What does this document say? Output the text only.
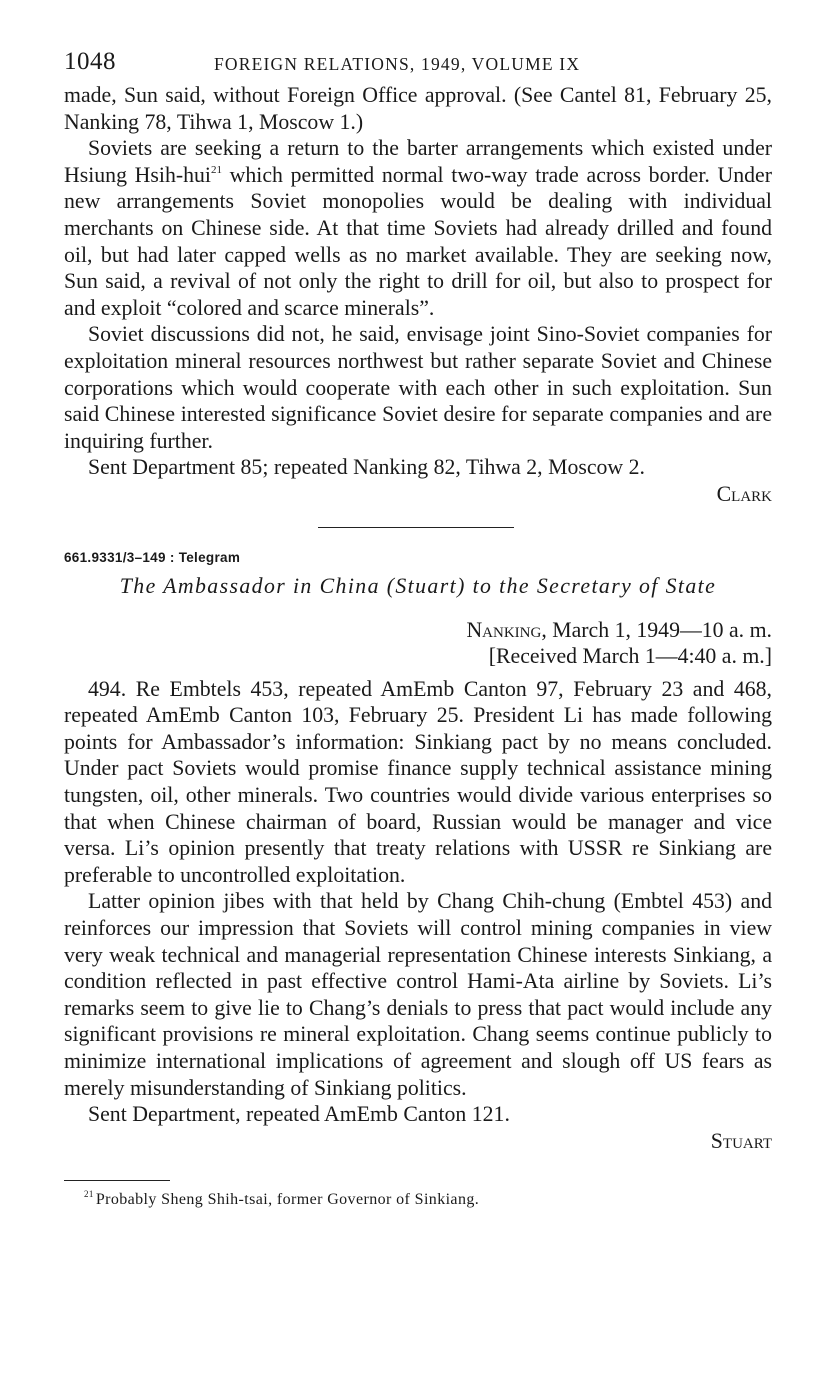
1048	FOREIGN RELATIONS, 1949, VOLUME IX

made, Sun said, without Foreign Office approval. (See Cantel 81, February 25, Nanking 78, Tihwa 1, Moscow 1.)

Soviets are seeking a return to the barter arrangements which existed under Hsiung Hsih-hui$^{21}$ which permitted normal two-way trade across border. Under new arrangements Soviet monopolies would be dealing with individual merchants on Chinese side. At that time Soviets had already drilled and found oil, but had later capped wells as no market available. They are seeking now, Sun said, a revival of not only the right to drill for oil, but also to prospect for and exploit “colored and scarce minerals”.

Soviet discussions did not, he said, envisage joint Sino-Soviet companies for exploitation mineral resources northwest but rather separate Soviet and Chinese corporations which would cooperate with each other in such exploitation. Sun said Chinese interested significance Soviet desire for separate companies and are inquiring further.

Sent Department 85; repeated Nanking 82, Tihwa 2, Moscow 2.

Clark

661.9331/3–149 : Telegram

The Ambassador in China (Stuart) to the Secretary of State

Nanking, March 1, 1949—10 a. m.

[Received March 1—4:40 a. m.]

494. Re Embtels 453, repeated AmEmb Canton 97, February 23 and 468, repeated AmEmb Canton 103, February 25. President Li has made following points for Ambassador’s information: Sinkiang pact by no means concluded. Under pact Soviets would promise finance supply technical assistance mining tungsten, oil, other minerals. Two countries would divide various enterprises so that when Chinese chairman of board, Russian would be manager and vice versa. Li’s opinion presently that treaty relations with USSR re Sinkiang are preferable to uncontrolled exploitation.

Latter opinion jibes with that held by Chang Chih-chung (Embtel 453) and reinforces our impression that Soviets will control mining companies in view very weak technical and managerial representation Chinese interests Sinkiang, a condition reflected in past effective control Hami-Ata airline by Soviets. Li’s remarks seem to give lie to Chang’s denials to press that pact would include any significant provisions re mineral exploitation. Chang seems continue publicly to minimize international implications of agreement and slough off US fears as merely misunderstanding of Sinkiang politics.

Sent Department, repeated AmEmb Canton 121.

Stuart

$^{21}$ Probably Sheng Shih-tsai, former Governor of Sinkiang.
